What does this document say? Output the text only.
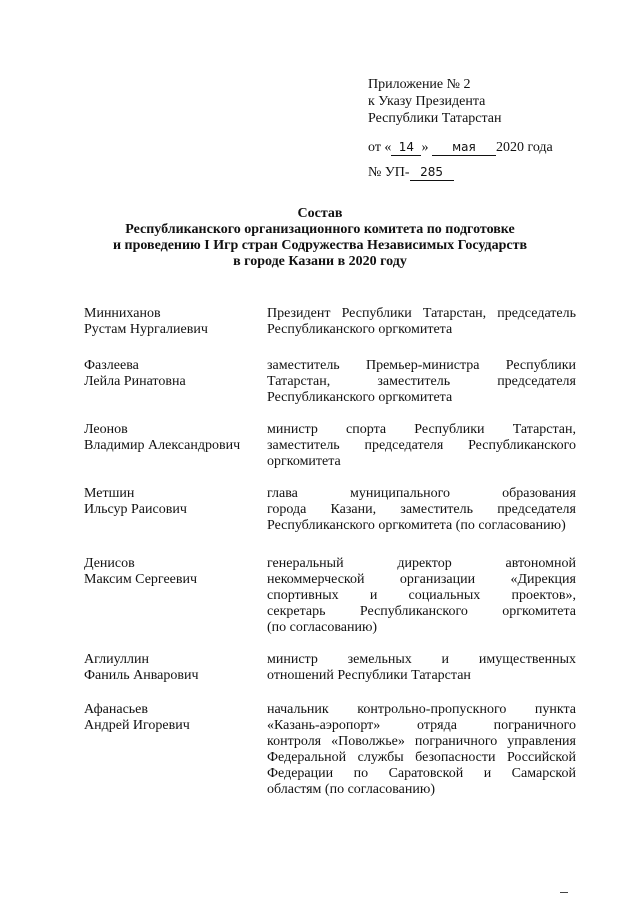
Приложение № 2
к Указу Президента
Республики Татарстан
от « 14 » мая 2020 года
№ УП- 285
Состав
Республиканского организационного комитета по подготовке
и проведению I Игр стран Содружества Независимых Государств
в городе Казани в 2020 году
Минниханов
Рустам Нургалиевич
Президент Республики Татарстан, председатель
Республиканского оргкомитета
Фазлеева
Лейла Ринатовна
заместитель Премьер-министра Республики
Татарстан, заместитель председателя
Республиканского оргкомитета
Леонов
Владимир Александрович
министр спорта Республики Татарстан,
заместитель председателя Республиканского
оргкомитета
Метшин
Ильсур Раисович
глава муниципального образования
города Казани, заместитель председателя
Республиканского оргкомитета (по согласованию)
Денисов
Максим Сергеевич
генеральный директор автономной
некоммерческой организации «Дирекция
спортивных и социальных проектов»,
секретарь Республиканского оргкомитета
(по согласованию)
Аглиуллин
Фаниль Анварович
министр земельных и имущественных
отношений Республики Татарстан
Афанасьев
Андрей Игоревич
начальник контрольно-пропускного пункта
«Казань-аэропорт» отряда пограничного
контроля «Поволжье» пограничного управления
Федеральной службы безопасности Российской
Федерации по Саратовской и Самарской
областям (по согласованию)
